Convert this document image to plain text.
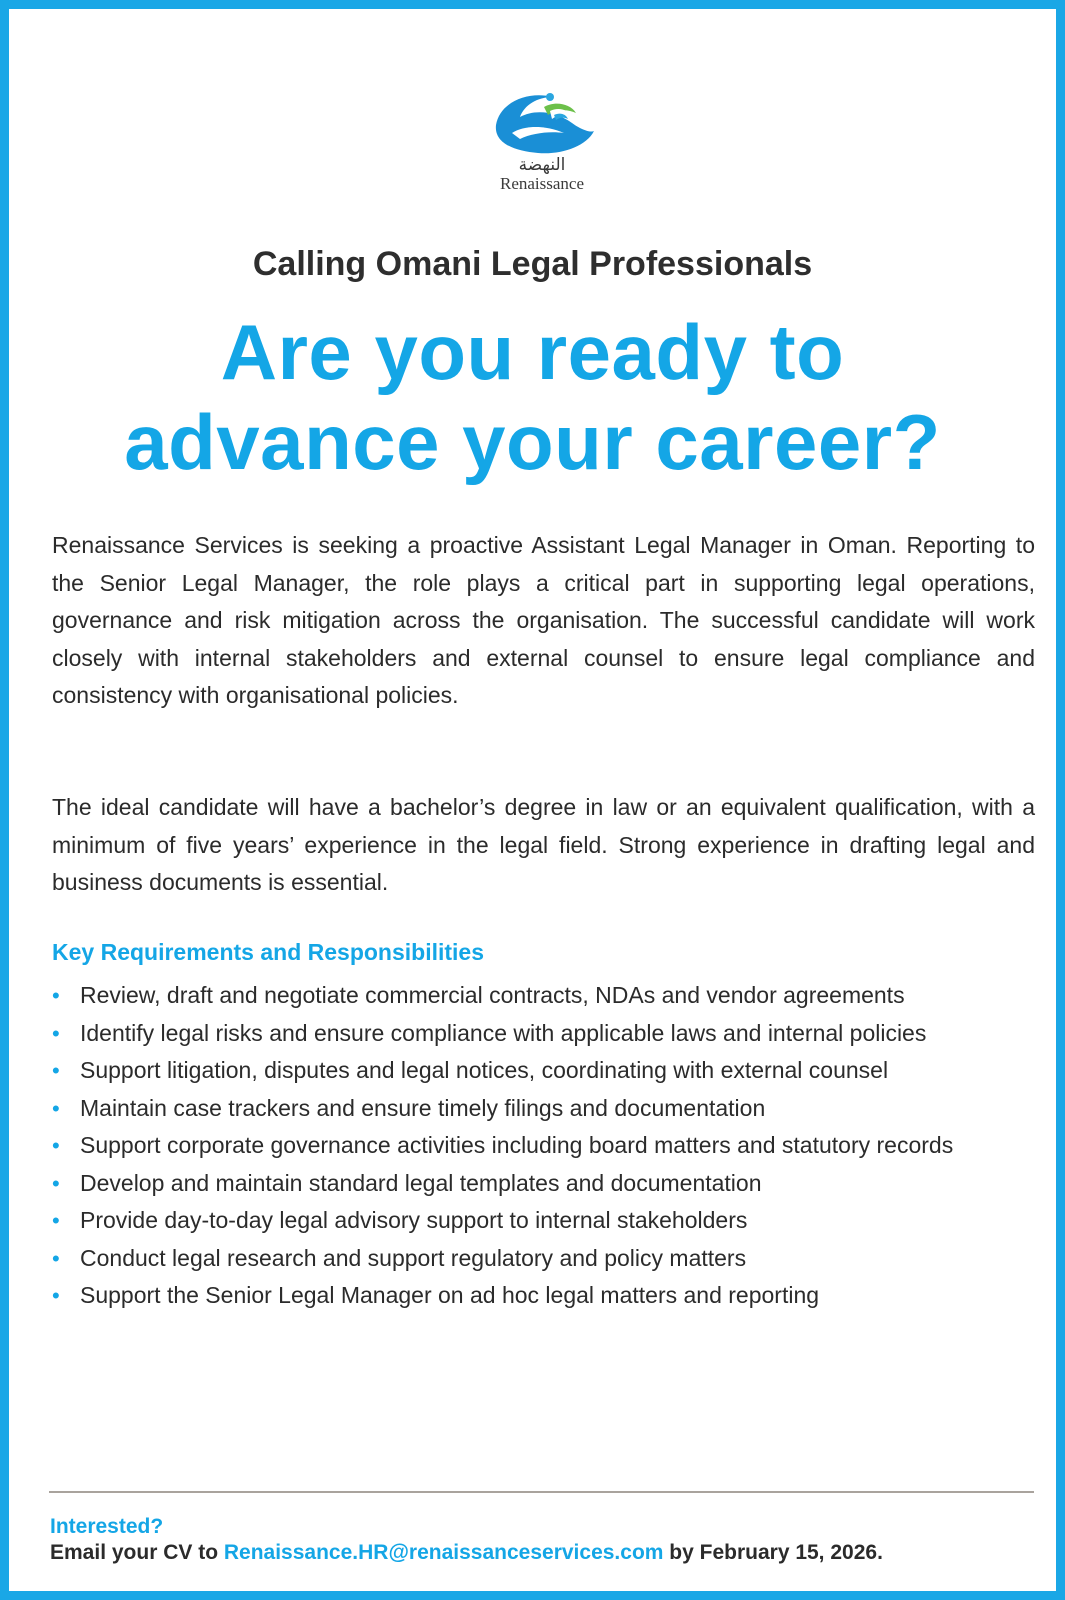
النهضة
Renaissance
Calling Omani Legal Professionals
Are you ready to
advance your career?
Renaissance Services is seeking a proactive Assistant Legal Manager in Oman. Reporting to the Senior Legal Manager, the role plays a critical part in supporting legal operations, governance and risk mitigation across the organisation. The successful candidate will work closely with internal stakeholders and external counsel to ensure legal compliance and consistency with organisational policies.
The ideal candidate will have a bachelor’s degree in law or an equivalent qualification, with a minimum of five years’ experience in the legal field. Strong experience in drafting legal and business documents is essential.
Key Requirements and Responsibilities
• Review, draft and negotiate commercial contracts, NDAs and vendor agreements
• Identify legal risks and ensure compliance with applicable laws and internal policies
• Support litigation, disputes and legal notices, coordinating with external counsel
• Maintain case trackers and ensure timely filings and documentation
• Support corporate governance activities including board matters and statutory records
• Develop and maintain standard legal templates and documentation
• Provide day-to-day legal advisory support to internal stakeholders
• Conduct legal research and support regulatory and policy matters
• Support the Senior Legal Manager on ad hoc legal matters and reporting
Interested?
Email your CV to Renaissance.HR@renaissanceservices.com by February 15, 2026.
